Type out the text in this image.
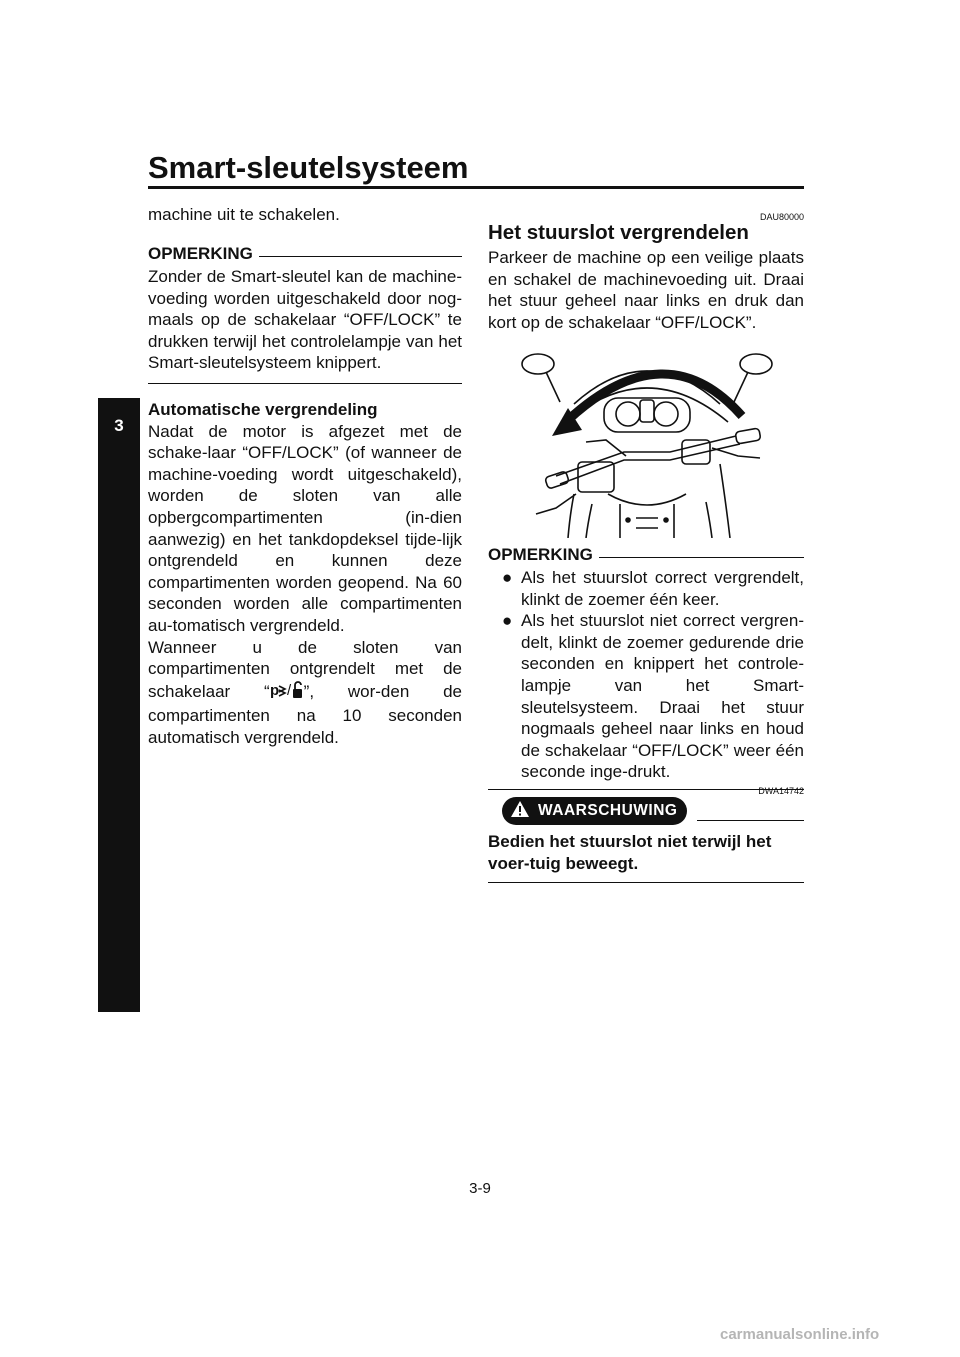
Smart-sleutelsysteem
3

machine uit te schakelen.

OPMERKING

Zonder de Smart-sleutel kan de machine-voeding worden uitgeschakeld door nog-maals op de schakelaar “OFF/LOCK” te drukken terwijl het controlelampje van het Smart-sleutelsysteem knippert.

Automatische vergrendeling

Nadat de motor is afgezet met de schake-laar “OFF/LOCK” (of wanneer de machine-voeding wordt uitgeschakeld), worden de sloten van alle opbergcompartimenten (in-dien aanwezig) en het tankdopdeksel tijde-lijk ontgrendeld en kunnen deze compartimenten worden geopend. Na 60 seconden worden alle compartimenten au-tomatisch vergrendeld.

Wanneer u de sloten van compartimenten ontgrendelt met de schakelaar “ p / ”, wor-den de compartimenten na 10 seconden automatisch vergrendeld.

DAU80000
Het stuurslot vergrendelen

Parkeer de machine op een veilige plaats en schakel de machinevoeding uit. Draai het stuur geheel naar links en druk dan kort op de schakelaar “OFF/LOCK”.

OPMERKING
● Als het stuurslot correct vergrendelt, klinkt de zoemer één keer.
● Als het stuurslot niet correct vergren-delt, klinkt de zoemer gedurende drie seconden en knippert het controle-lampje van het Smart-sleutelsysteem. Draai het stuur nogmaals geheel naar links en houd de schakelaar “OFF/LOCK” weer één seconde inge-drukt.
DWA14742
WAARSCHUWING
Bedien het stuurslot niet terwijl het voer-tuig beweegt.
3-9
carmanualsonline.info
